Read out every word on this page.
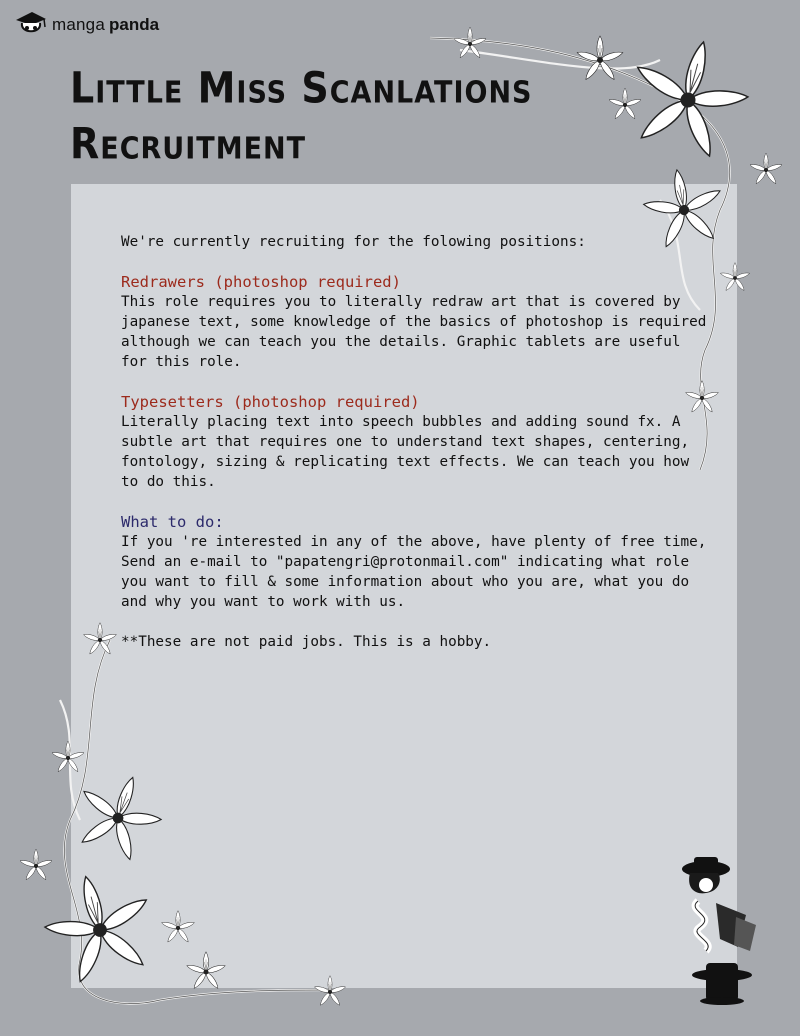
manga panda
Little Miss Scanlations
Recruitment

We're currently recruiting for the folowing positions:

Redrawers (photoshop required)

This role requires you to literally redraw art that is covered by japanese text, some knowledge of the basics of photoshop is required although we can teach you the details. Graphic tablets are useful for this role.

Typesetters (photoshop required)

Literally placing text into speech bubbles and adding sound fx. A subtle art that requires one to understand text shapes, centering, fontology, sizing & replicating text effects. We can teach you how to do this.

What to do:

If you 're interested in any of the above, have plenty of free time, Send an e-mail to "papatengri@protonmail.com" indicating what role you want to fill & some information about who you are, what you do and why you want to work with us.

**These are not paid jobs. This is a hobby.
